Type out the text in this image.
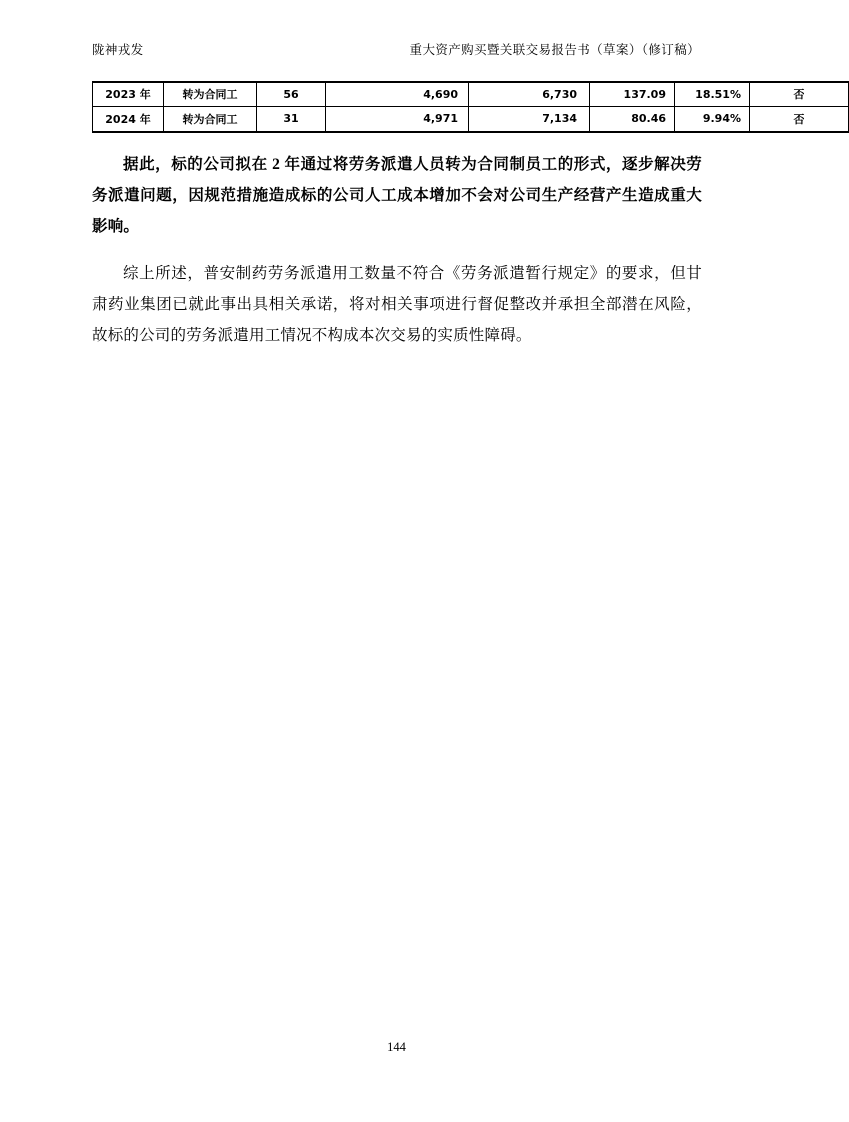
陇神戎发	重大资产购买暨关联交易报告书（草案）（修订稿）
2023 年	转为合同工	56		4,690	6,730	137.09	18.51%	否
2024 年	转为合同工	31		4,971	7,134	80.46	9.94%	否

据此，标的公司拟在 2 年通过将劳务派遣人员转为合同制员工的形式，逐步解决劳务派遣问题，因规范措施造成标的公司人工成本增加不会对公司生产经营产生造成重大影响。

综上所述，普安制药劳务派遣用工数量不符合《劳务派遣暂行规定》的要求，但甘肃药业集团已就此事出具相关承诺，将对相关事项进行督促整改并承担全部潜在风险，故标的公司的劳务派遣用工情况不构成本次交易的实质性障碍。

144
